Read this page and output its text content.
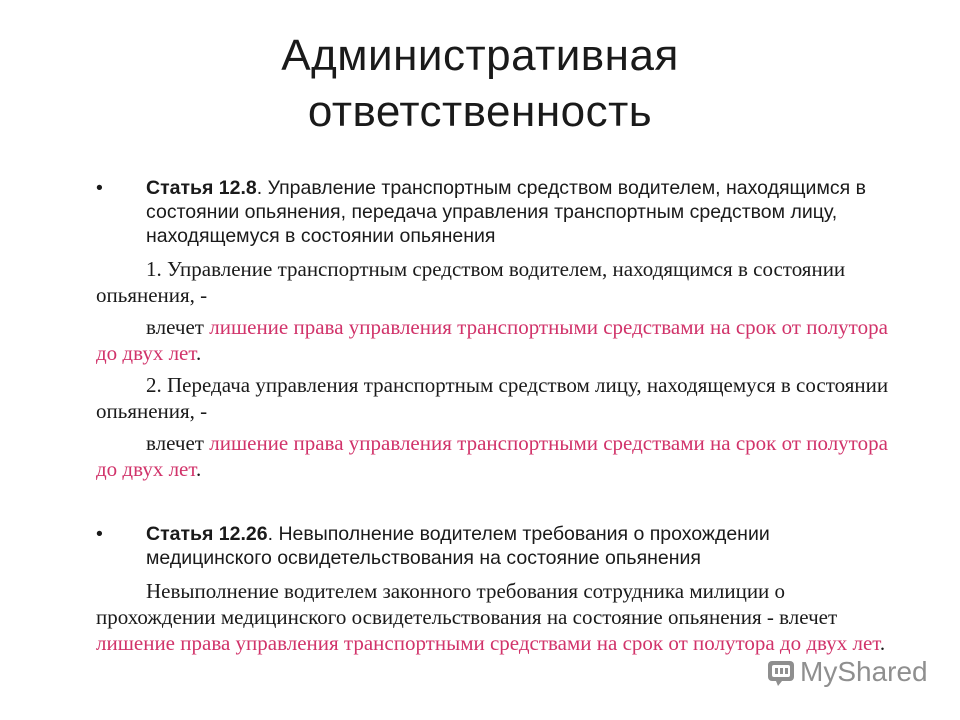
Административная
ответственность
•	Статья 12.8. Управление транспортным средством водителем, находящимся в состоянии опьянения, передача управления транспортным средством лицу, находящемуся в состоянии опьянения
1. Управление транспортным средством водителем, находящимся в состоянии опьянения, -
влечет лишение права управления транспортными средствами на срок от полутора до двух лет.
2. Передача управления транспортным средством лицу, находящемуся в состоянии опьянения, -
влечет лишение права управления транспортными средствами на срок от полутора до двух лет.
•	Статья 12.26. Невыполнение водителем требования о прохождении медицинского освидетельствования на состояние опьянения
Невыполнение водителем законного требования сотрудника милиции о прохождении медицинского освидетельствования на состояние опьянения - влечет лишение права управления транспортными средствами на срок от полутора до двух лет.
MyShared
